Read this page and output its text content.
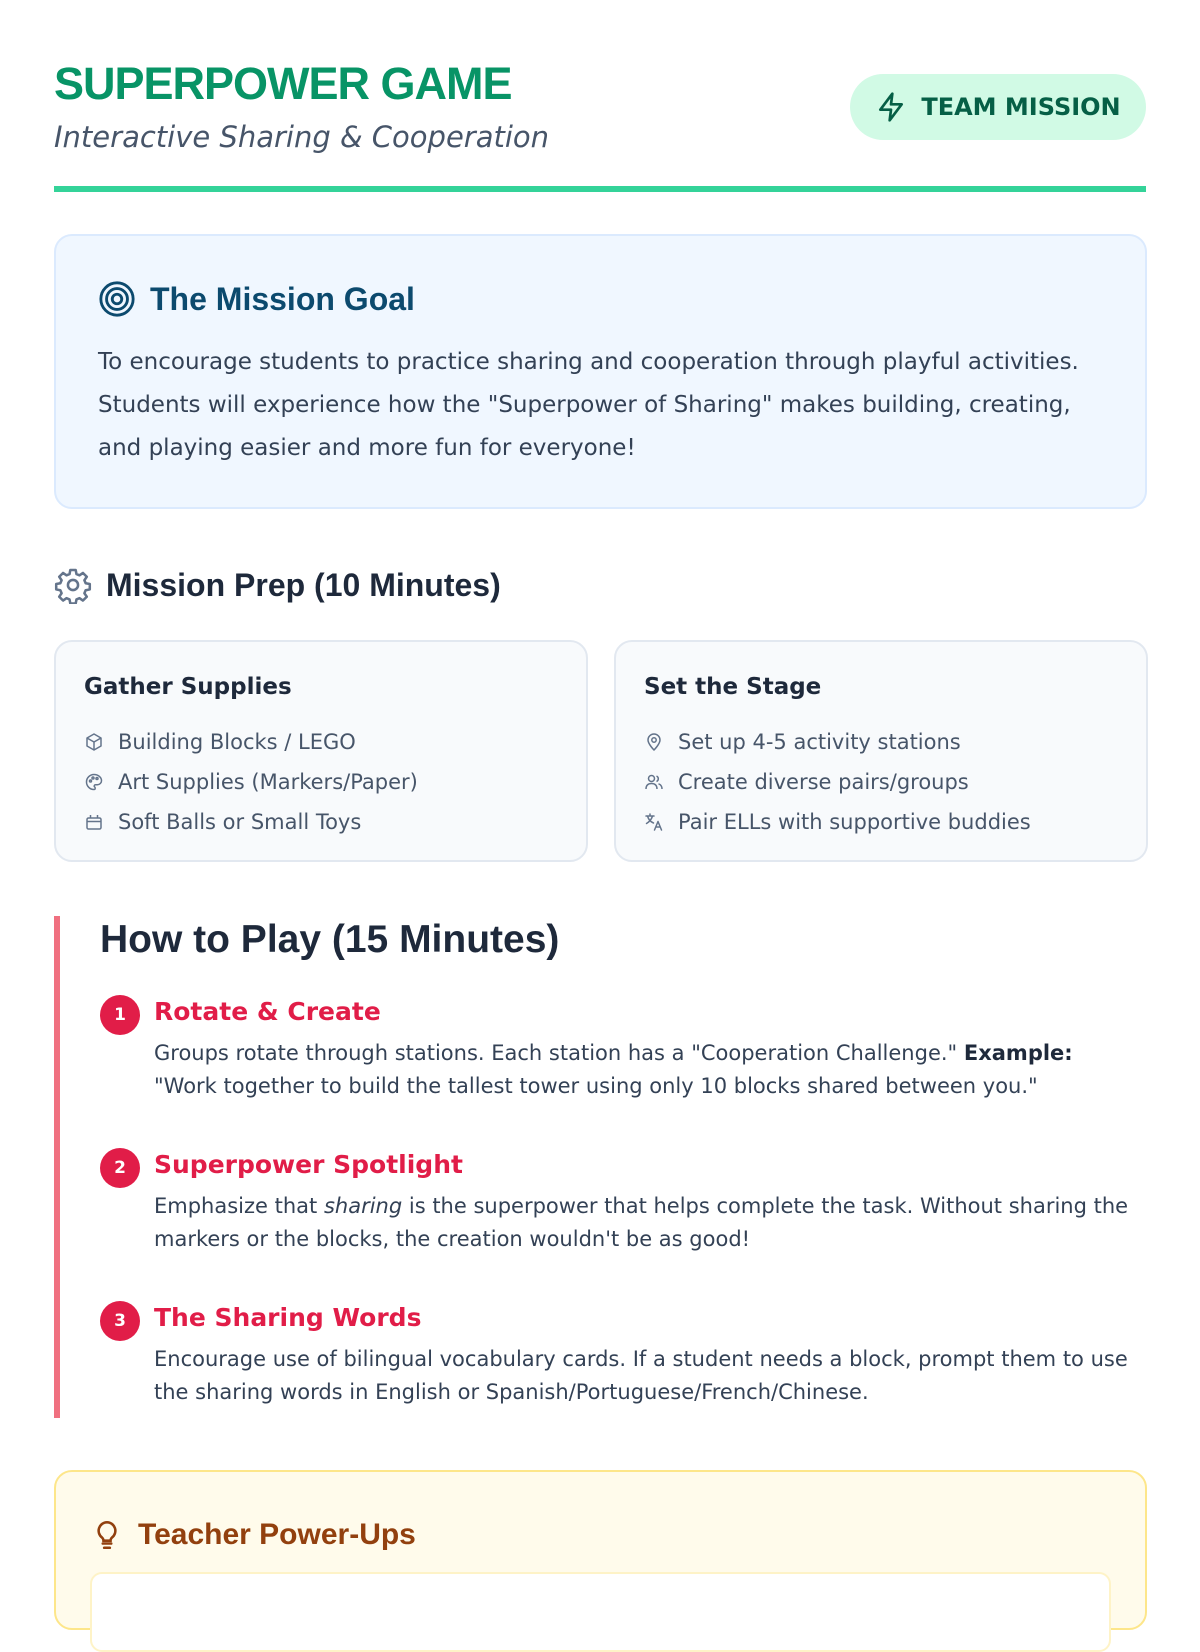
SUPERPOWER GAME
Interactive Sharing & Cooperation
TEAM MISSION
The Mission Goal
To encourage students to practice sharing and cooperation through playful activities. Students will experience how the "Superpower of Sharing" makes building, creating, and playing easier and more fun for everyone!
Mission Prep (10 Minutes)
Gather Supplies
Building Blocks / LEGO
Art Supplies (Markers/Paper)
Soft Balls or Small Toys
Set the Stage
Set up 4-5 activity stations
Create diverse pairs/groups
Pair ELLs with supportive buddies
How to Play (15 Minutes)
1	Rotate & Create
Groups rotate through stations. Each station has a "Cooperation Challenge." Example: "Work together to build the tallest tower using only 10 blocks shared between you."
2	Superpower Spotlight
Emphasize that sharing is the superpower that helps complete the task. Without sharing the markers or the blocks, the creation wouldn't be as good!
3	The Sharing Words
Encourage use of bilingual vocabulary cards. If a student needs a block, prompt them to use the sharing words in English or Spanish/Portuguese/French/Chinese.
Teacher Power-Ups
